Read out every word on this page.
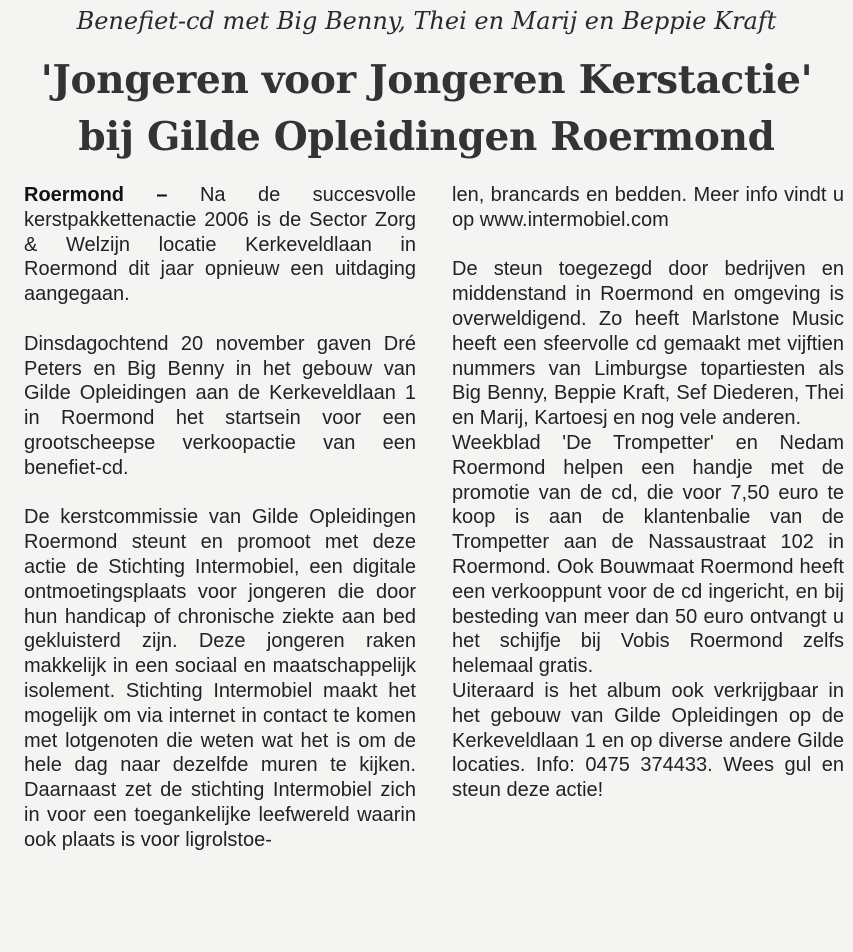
Benefiet-cd met Big Benny, Thei en Marij en Beppie Kraft
'Jongeren voor Jongeren Kerstactie'
bij Gilde Opleidingen Roermond

Roermond – Na de succesvolle kerstpakkettenactie 2006 is de Sector Zorg & Welzijn locatie Kerkeveldlaan in Roermond dit jaar opnieuw een uitdaging aangegaan.

Dinsdagochtend 20 november gaven Dré Peters en Big Benny in het gebouw van Gilde Opleidingen aan de Kerkeveldlaan 1 in Roermond het startsein voor een grootscheepse verkoopactie van een benefiet-cd.

De kerstcommissie van Gilde Opleidingen Roermond steunt en promoot met deze actie de Stichting Intermobiel, een digitale ontmoetingsplaats voor jongeren die door hun handicap of chronische ziekte aan bed gekluisterd zijn. Deze jongeren raken makkelijk in een sociaal en maatschappelijk isolement. Stichting Intermobiel maakt het mogelijk om via internet in contact te komen met lotgenoten die weten wat het is om de hele dag naar dezelfde muren te kijken. Daarnaast zet de stichting Intermobiel zich in voor een toegankelijke leefwereld waarin ook plaats is voor ligrolstoe-

len, brancards en bedden. Meer info vindt u op www.intermobiel.com

De steun toegezegd door bedrijven en middenstand in Roermond en omgeving is overweldigend. Zo heeft Marlstone Music heeft een sfeervolle cd gemaakt met vijftien nummers van Limburgse topartiesten als Big Benny, Beppie Kraft, Sef Diederen, Thei en Marij, Kartoesj en nog vele anderen.

Weekblad 'De Trompetter' en Nedam Roermond helpen een handje met de promotie van de cd, die voor 7,50 euro te koop is aan de klantenbalie van de Trompetter aan de Nassaustraat 102 in Roermond. Ook Bouwmaat Roermond heeft een verkooppunt voor de cd ingericht, en bij besteding van meer dan 50 euro ontvangt u het schijfje bij Vobis Roermond zelfs helemaal gratis.

Uiteraard is het album ook verkrijgbaar in het gebouw van Gilde Opleidingen op de Kerkeveldlaan 1 en op diverse andere Gilde locaties. Info: 0475 374433. Wees gul en steun deze actie!
